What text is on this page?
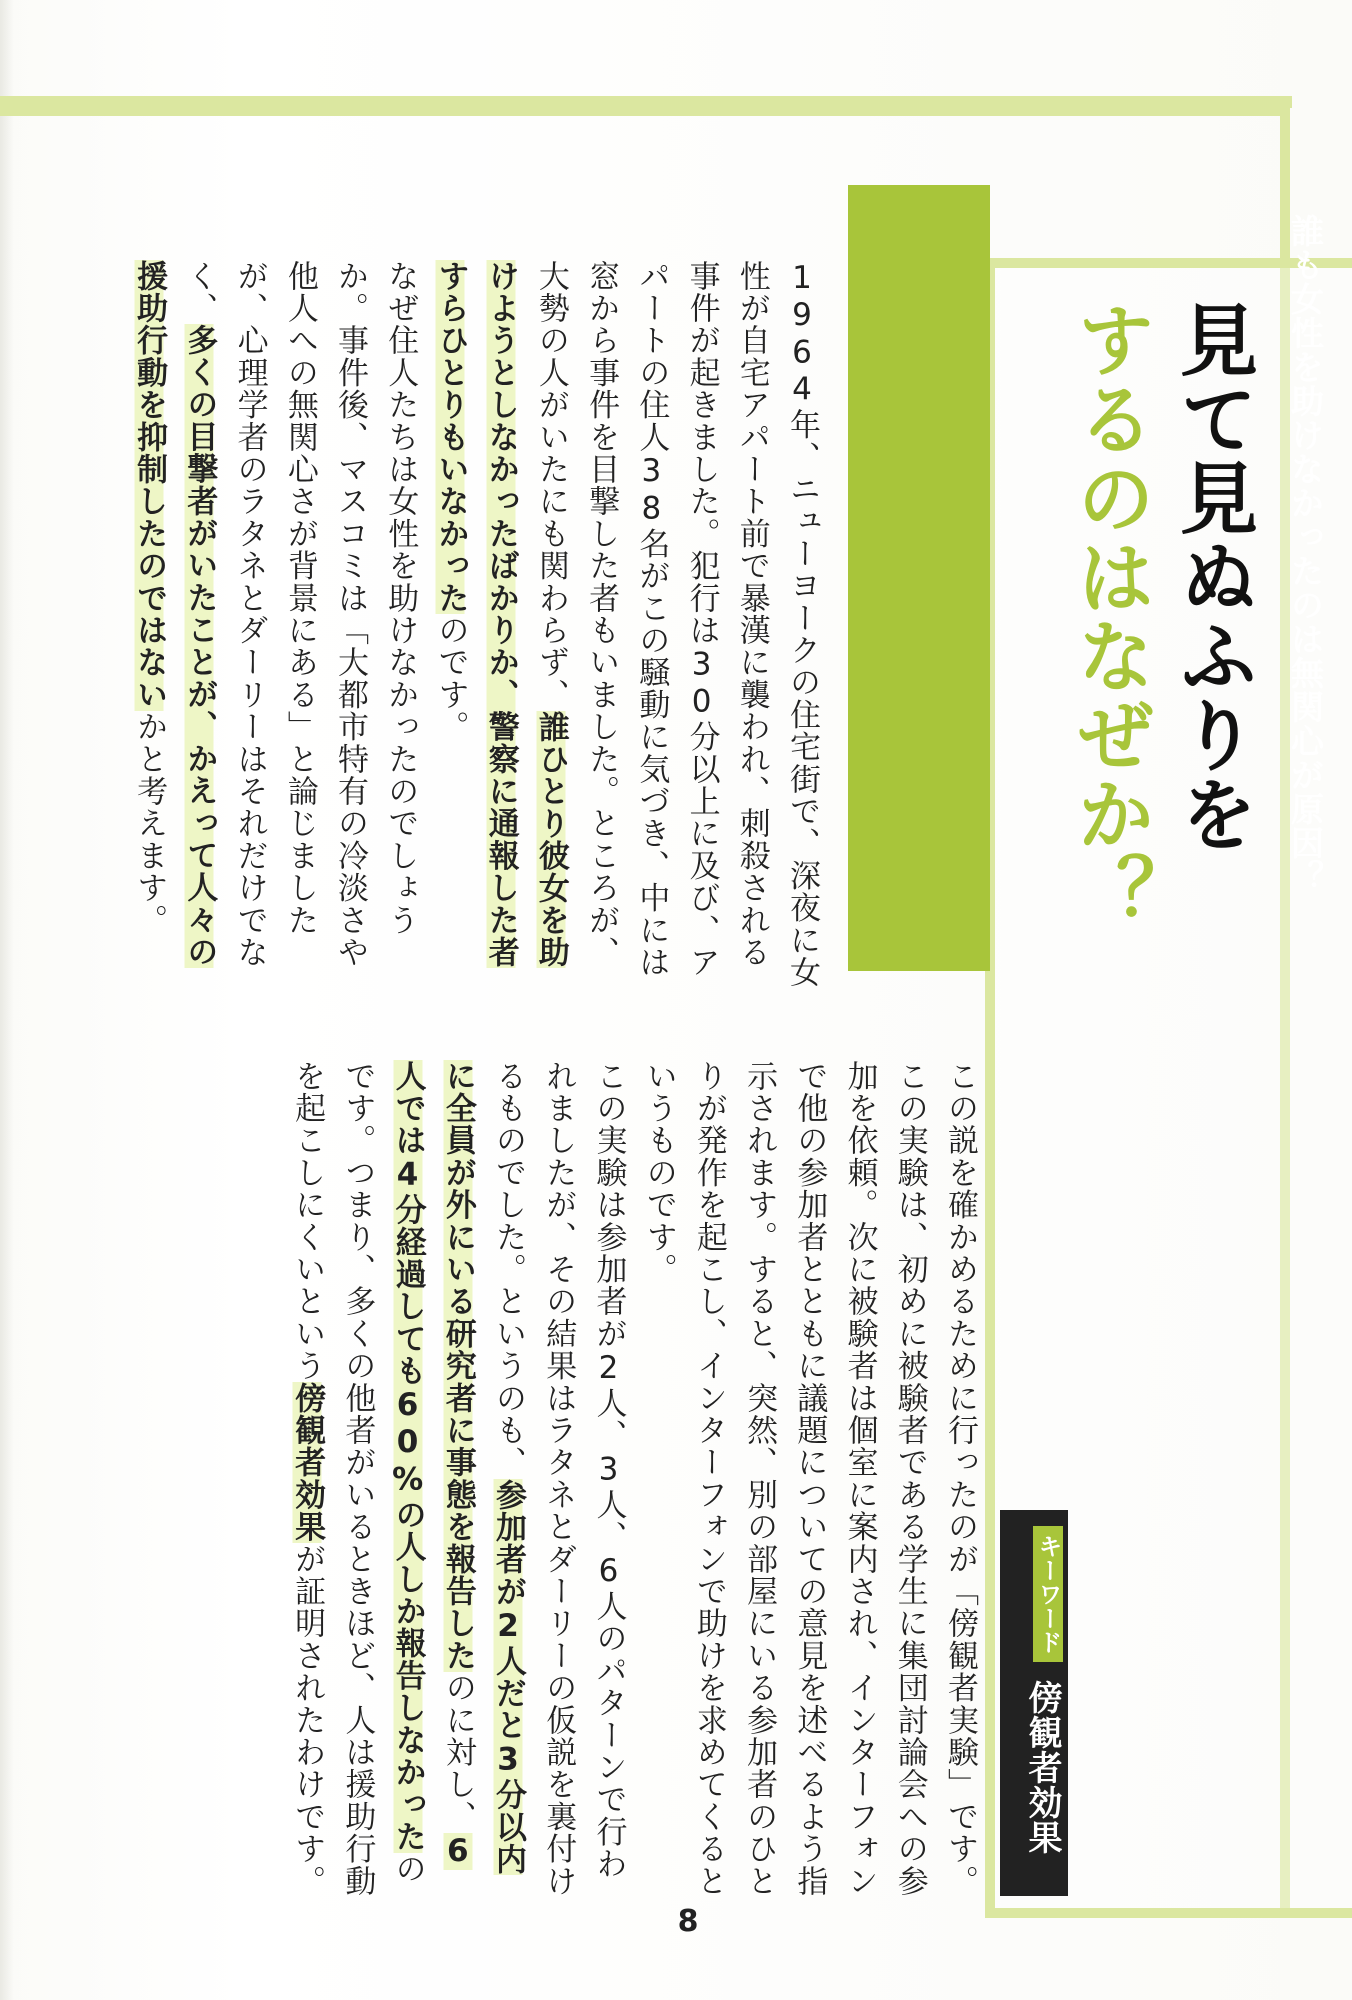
見て見ぬふりを
するのはなぜか？	誰も女性を助けなかったのは無関心が原因？

1964年、ニューヨークの住宅街で、深夜に女性が自宅アパート前で暴漢に襲われ、刺殺される事件が起きました。犯行は30分以上に及び、アパートの住人38名がこの騒動に気づき、中には窓から事件を目撃した者もいました。ところが、大勢の人がいたにも関わらず、誰ひとり彼女を助けようとしなかったばかりか、警察に通報した者すらひとりもいなかったのです。

なぜ住人たちは女性を助けなかったのでしょうか。事件後、マスコミは「大都市特有の冷淡さや他人への無関心さが背景にある」と論じましたが、心理学者のラタネとダーリーはそれだけでなく、多くの目撃者がいたことが、かえって人々の援助行動を抑制したのではないかと考えます。

この説を確かめるために行ったのが「傍観者実験」です。この実験は、初めに被験者である学生に集団討論会への参加を依頼。次に被験者は個室に案内され、インターフォンで他の参加者とともに議題についての意見を述べるよう指示されます。すると、突然、別の部屋にいる参加者のひとりが発作を起こし、インターフォンで助けを求めてくるというものです。

この実験は参加者が2人、3人、6人のパターンで行われましたが、その結果はラタネとダーリーの仮説を裏付けるものでした。というのも、参加者が2人だと3分以内に全員が外にいる研究者に事態を報告したのに対し、6人では4分経過しても60%の人しか報告しなかったのです。つまり、多くの他者がいるときほど、人は援助行動を起こしにくいという傍観者効果が証明されたわけです。	キーワード
傍観者効果
8
